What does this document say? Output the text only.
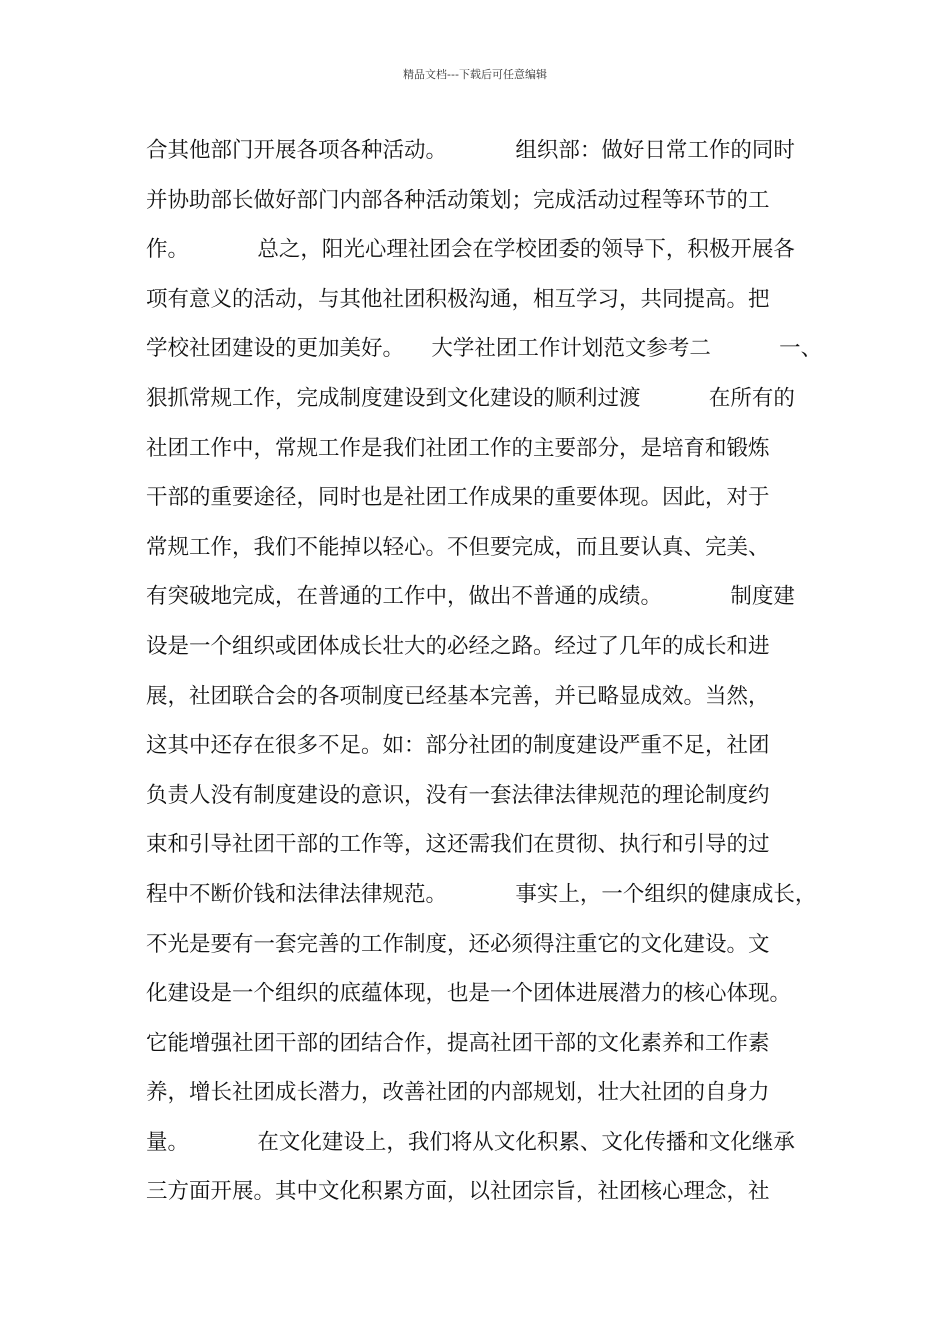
精品文档---下载后可任意编辑
合其他部门开展各项各种活动。          组织部：做好日常工作的同时
并协助部长做好部门内部各种活动策划；完成活动过程等环节的工
作。          总之，阳光心理社团会在学校团委的领导下，积极开展各
项有意义的活动，与其他社团积极沟通，相互学习，共同提高。把
学校社团建设的更加美好。    大学社团工作计划范文参考二          一、
狠抓常规工作，完成制度建设到文化建设的顺利过渡          在所有的
社团工作中，常规工作是我们社团工作的主要部分，是培育和锻炼
干部的重要途径，同时也是社团工作成果的重要体现。因此，对于
常规工作，我们不能掉以轻心。不但要完成，而且要认真、完美、
有突破地完成，在普通的工作中，做出不普通的成绩。          制度建
设是一个组织或团体成长壮大的必经之路。经过了几年的成长和进
展，社团联合会的各项制度已经基本完善，并已略显成效。当然，
这其中还存在很多不足。如：部分社团的制度建设严重不足，社团
负责人没有制度建设的意识，没有一套法律法律规范的理论制度约
束和引导社团干部的工作等，这还需我们在贯彻、执行和引导的过
程中不断价钱和法律法律规范。          事实上，一个组织的健康成长，
不光是要有一套完善的工作制度，还必须得注重它的文化建设。文
化建设是一个组织的底蕴体现，也是一个团体进展潜力的核心体现。
它能增强社团干部的团结合作，提高社团干部的文化素养和工作素
养，增长社团成长潜力，改善社团的内部规划，壮大社团的自身力
量。          在文化建设上，我们将从文化积累、文化传播和文化继承
三方面开展。其中文化积累方面，以社团宗旨，社团核心理念，社
